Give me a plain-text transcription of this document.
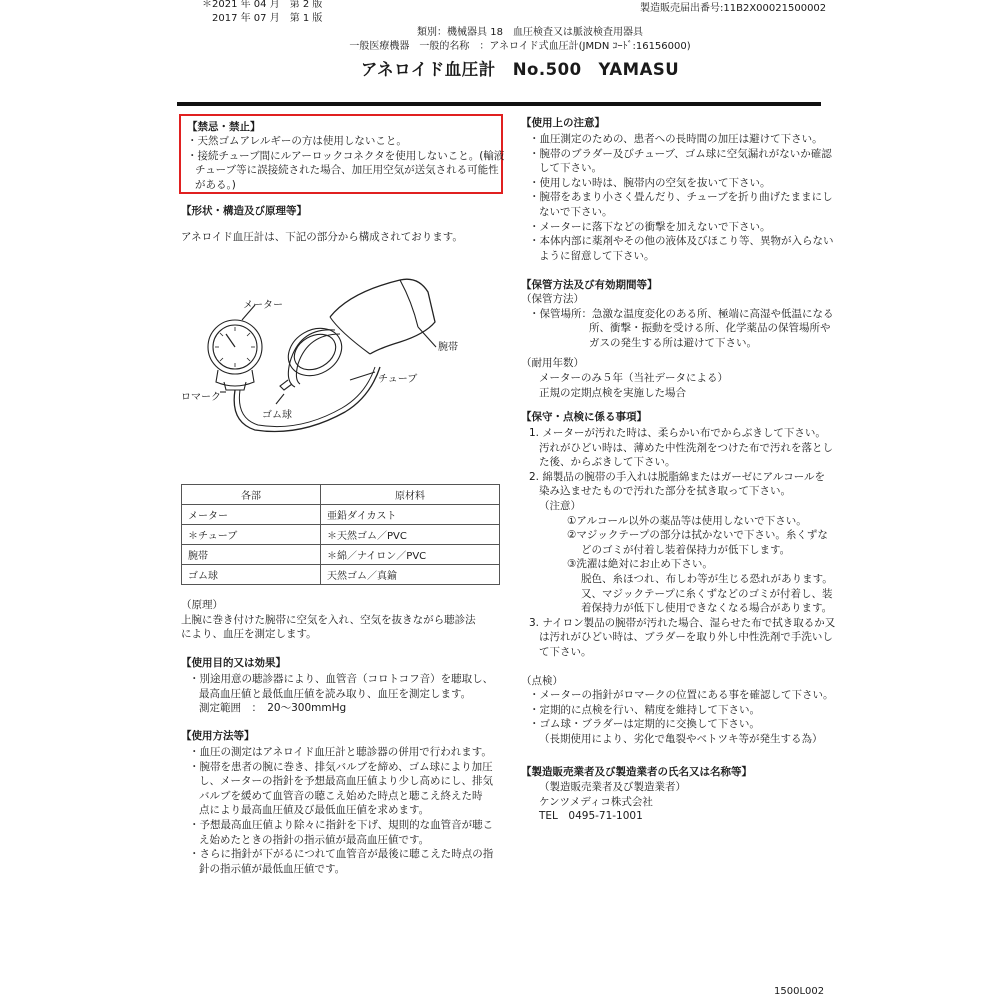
＊2021 年 04 月　第 2 版
2017 年 07 月　第 1 版
製造販売届出番号:11B2X00021500002
類別：機械器具 18　血圧検査又は脈波検査用器具
一般医療機器　一般的名称　：アネロイド式血圧計(JMDN ｺｰﾄﾞ:16156000)
アネロイド血圧計　No.500　YAMASU
【禁忌・禁止】
・天然ゴムアレルギーの方は使用しないこと。
・接続チューブ間にルアーロックコネクタを使用しないこと。(輸液
チューブ等に誤接続された場合、加圧用空気が送気される可能性
がある。)
【形状・構造及び原理等】
アネロイド血圧計は、下記の部分から構成されております。
メーター
腕帯
チューブ
ロマーク
ゴム球
各部	原材料
メーター	亜鉛ダイカスト
＊チューブ	＊天然ゴム／PVC
腕帯	＊綿／ナイロン／PVC
ゴム球	天然ゴム／真鍮
（原理）
上腕に巻き付けた腕帯に空気を入れ、空気を抜きながら聴診法
により、血圧を測定します。
【使用目的又は効果】
・別途用意の聴診器により、血管音（コロトコフ音）を聴取し、
最高血圧値と最低血圧値を読み取り、血圧を測定します。
測定範囲　：　20～300mmHg
【使用方法等】
・血圧の測定はアネロイド血圧計と聴診器の併用で行われます。
・腕帯を患者の腕に巻き、排気バルブを締め、ゴム球により加圧
し、メーターの指針を予想最高血圧値より少し高めにし、排気
バルブを緩めて血管音の聴こえ始めた時点と聴こえ終えた時
点により最高血圧値及び最低血圧値を求めます。
・予想最高血圧値より除々に指針を下げ、規則的な血管音が聴こ
え始めたときの指針の指示値が最高血圧値です。
・さらに指針が下がるにつれて血管音が最後に聴こえた時点の指
針の指示値が最低血圧値です。
【使用上の注意】
・血圧測定のための、患者への長時間の加圧は避けて下さい。
・腕帯のブラダー及びチューブ、ゴム球に空気漏れがないか確認
して下さい。
・使用しない時は、腕帯内の空気を抜いて下さい。
・腕帯をあまり小さく畳んだり、チューブを折り曲げたままにし
ないで下さい。
・メーターに落下などの衝撃を加えないで下さい。
・本体内部に薬剤やその他の液体及びほこり等、異物が入らない
ように留意して下さい。
【保管方法及び有効期間等】
（保管方法）
・保管場所：急激な温度変化のある所、極端に高湿や低温になる
所、衝撃・振動を受ける所、化学薬品の保管場所や
ガスの発生する所は避けて下さい。
（耐用年数）
メーターのみ５年（当社データによる）
正規の定期点検を実施した場合
【保守・点検に係る事項】
1. メーターが汚れた時は、柔らかい布でからぶきして下さい。
汚れがひどい時は、薄めた中性洗剤をつけた布で汚れを落とし
た後、からぶきして下さい。
2. 綿製品の腕帯の手入れは脱脂綿またはガーゼにアルコールを
染み込ませたもので汚れた部分を拭き取って下さい。
（注意）
①アルコール以外の薬品等は使用しないで下さい。
②マジックテープの部分は拭かないで下さい。糸くずな
どのゴミが付着し装着保持力が低下します。
③洗濯は絶対にお止め下さい。
脱色、糸ほつれ、布しわ等が生じる恐れがあります。
又、マジックテープに糸くずなどのゴミが付着し、装
着保持力が低下し使用できなくなる場合があります。
3. ナイロン製品の腕帯が汚れた場合、湿らせた布で拭き取るか又
は汚れがひどい時は、ブラダーを取り外し中性洗剤で手洗いし
て下さい。
（点検）
・メーターの指針がロマークの位置にある事を確認して下さい。
・定期的に点検を行い、精度を維持して下さい。
・ゴム球・ブラダーは定期的に交換して下さい。
（長期使用により、劣化で亀裂やベトツキ等が発生する為）
【製造販売業者及び製造業者の氏名又は名称等】
（製造販売業者及び製造業者）
ケンツメディコ株式会社
TEL　0495-71-1001
1500L002
